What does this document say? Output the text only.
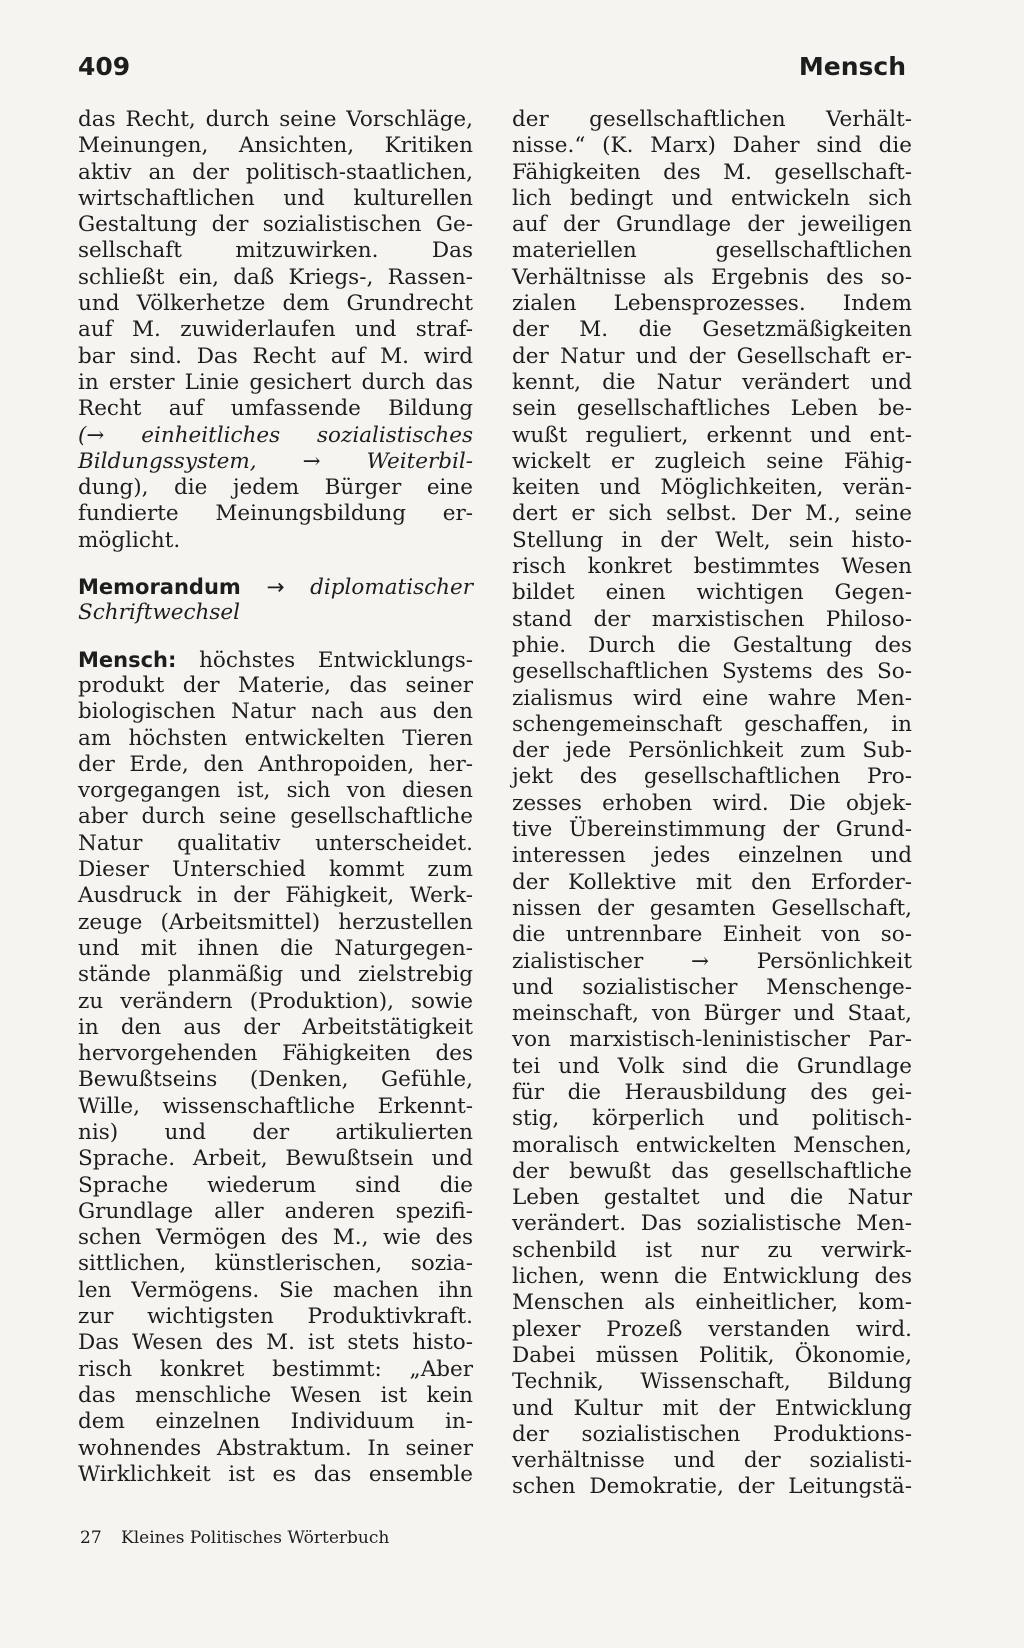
409	Mensch
das Recht, durch seine Vorschläge,
Meinungen, Ansichten, Kritiken
aktiv an der politisch-staatlichen,
wirtschaftlichen und kulturellen
Gestaltung der sozialistischen Ge-
sellschaft mitzuwirken. Das
schließt ein, daß Kriegs-, Rassen-
und Völkerhetze dem Grundrecht
auf M. zuwiderlaufen und straf-
bar sind. Das Recht auf M. wird
in erster Linie gesichert durch das
Recht auf umfassende Bildung
(→ einheitliches sozialistisches
Bildungssystem, → Weiterbil-
dung), die jedem Bürger eine
fundierte Meinungsbildung er-
möglicht.
Memorandum → diplomatischer
Schriftwechsel
Mensch: höchstes Entwicklungs-
produkt der Materie, das seiner
biologischen Natur nach aus den
am höchsten entwickelten Tieren
der Erde, den Anthropoiden, her-
vorgegangen ist, sich von diesen
aber durch seine gesellschaftliche
Natur qualitativ unterscheidet.
Dieser Unterschied kommt zum
Ausdruck in der Fähigkeit, Werk-
zeuge (Arbeitsmittel) herzustellen
und mit ihnen die Naturgegen-
stände planmäßig und zielstrebig
zu verändern (Produktion), sowie
in den aus der Arbeitstätigkeit
hervorgehenden Fähigkeiten des
Bewußtseins (Denken, Gefühle,
Wille, wissenschaftliche Erkennt-
nis) und der artikulierten
Sprache. Arbeit, Bewußtsein und
Sprache wiederum sind die
Grundlage aller anderen spezifi-
schen Vermögen des M., wie des
sittlichen, künstlerischen, sozia-
len Vermögens. Sie machen ihn
zur wichtigsten Produktivkraft.
Das Wesen des M. ist stets histo-
risch konkret bestimmt: „Aber
das menschliche Wesen ist kein
dem einzelnen Individuum in-
wohnendes Abstraktum. In seiner
Wirklichkeit ist es das ensemble
der gesellschaftlichen Verhält-
nisse.“ (K. Marx) Daher sind die
Fähigkeiten des M. gesellschaft-
lich bedingt und entwickeln sich
auf der Grundlage der jeweiligen
materiellen gesellschaftlichen
Verhältnisse als Ergebnis des so-
zialen Lebensprozesses. Indem
der M. die Gesetzmäßigkeiten
der Natur und der Gesellschaft er-
kennt, die Natur verändert und
sein gesellschaftliches Leben be-
wußt reguliert, erkennt und ent-
wickelt er zugleich seine Fähig-
keiten und Möglichkeiten, verän-
dert er sich selbst. Der M., seine
Stellung in der Welt, sein histo-
risch konkret bestimmtes Wesen
bildet einen wichtigen Gegen-
stand der marxistischen Philoso-
phie. Durch die Gestaltung des
gesellschaftlichen Systems des So-
zialismus wird eine wahre Men-
schengemeinschaft geschaffen, in
der jede Persönlichkeit zum Sub-
jekt des gesellschaftlichen Pro-
zesses erhoben wird. Die objek-
tive Übereinstimmung der Grund-
interessen jedes einzelnen und
der Kollektive mit den Erforder-
nissen der gesamten Gesellschaft,
die untrennbare Einheit von so-
zialistischer → Persönlichkeit
und sozialistischer Menschenge-
meinschaft, von Bürger und Staat,
von marxistisch-leninistischer Par-
tei und Volk sind die Grundlage
für die Herausbildung des gei-
stig, körperlich und politisch-
moralisch entwickelten Menschen,
der bewußt das gesellschaftliche
Leben gestaltet und die Natur
verändert. Das sozialistische Men-
schenbild ist nur zu verwirk-
lichen, wenn die Entwicklung des
Menschen als einheitlicher, kom-
plexer Prozeß verstanden wird.
Dabei müssen Politik, Ökonomie,
Technik, Wissenschaft, Bildung
und Kultur mit der Entwicklung
der sozialistischen Produktions-
verhältnisse und der sozialisti-
schen Demokratie, der Leitungstä-
27 Kleines Politisches Wörterbuch
